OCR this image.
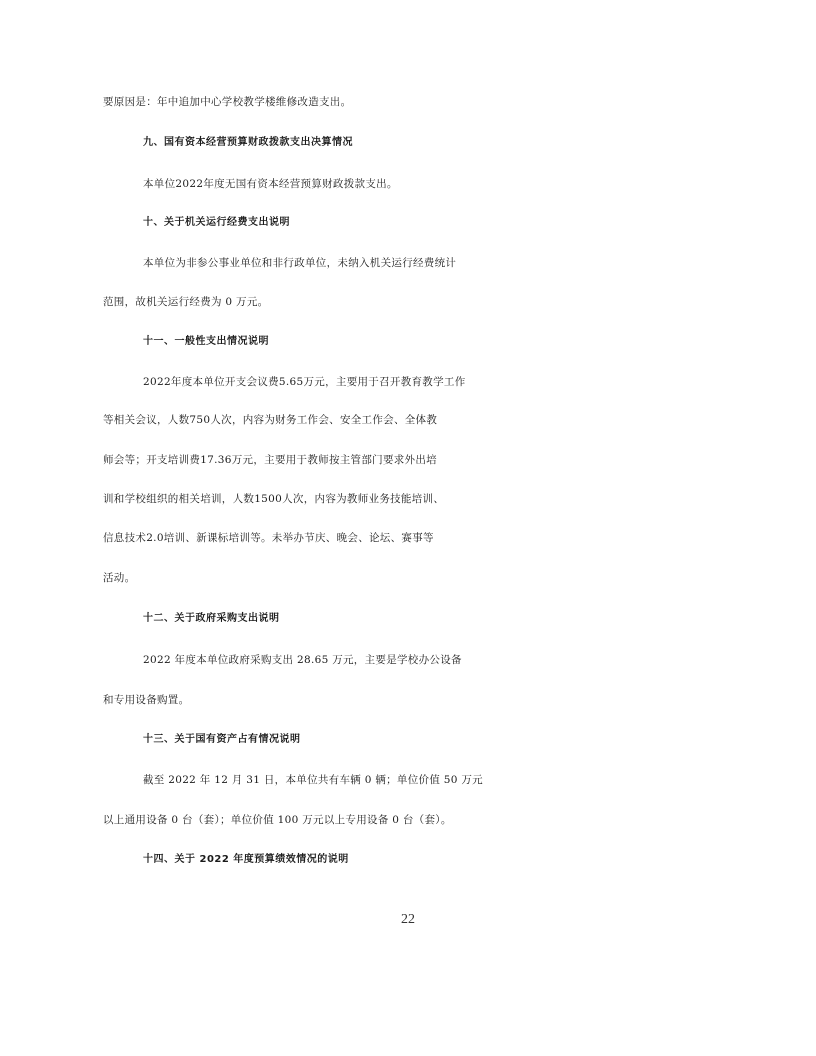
要原因是：年中追加中心学校教学楼维修改造支出。

九、国有资本经营预算财政拨款支出决算情况

本单位2022年度无国有资本经营预算财政拨款支出。

十、关于机关运行经费支出说明

本单位为非参公事业单位和非行政单位，未纳入机关运行经费统计

范围，故机关运行经费为 0 万元。

十一、一般性支出情况说明

2022年度本单位开支会议费5.65万元，主要用于召开教育教学工作

等相关会议，人数750人次，内容为财务工作会、安全工作会、全体教

师会等；开支培训费17.36万元，主要用于教师按主管部门要求外出培

训和学校组织的相关培训，人数1500人次，内容为教师业务技能培训、

信息技术2.0培训、新课标培训等。未举办节庆、晚会、论坛、赛事等

活动。

十二、关于政府采购支出说明

2022 年度本单位政府采购支出 28.65 万元，主要是学校办公设备

和专用设备购置。

十三、关于国有资产占有情况说明

截至 2022 年 12 月 31 日，本单位共有车辆 0 辆；单位价值 50 万元

以上通用设备 0 台（套）；单位价值 100 万元以上专用设备 0 台（套）。

十四、关于 2022 年度预算绩效情况的说明

22
